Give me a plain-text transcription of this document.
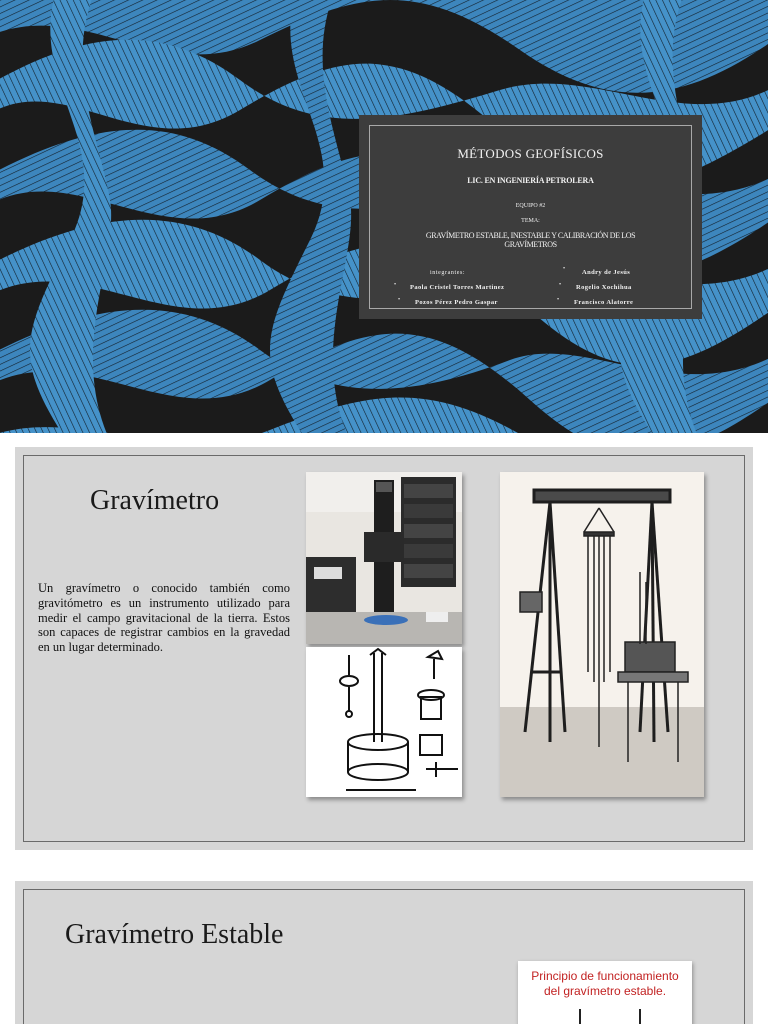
MÉTODOS GEOFÍSICOS
LIC. EN INGENIERÍA PETROLERA
EQUIPO #2
TEMA:
GRAVÍMETRO ESTABLE, INESTABLE Y CALIBRACIÓN DE LOS GRAVÍMETROS
integrantes:
•	Andry de Jesús
• Paola Cristel Torres Martinez	• Rogelio Xochihua
• Pozos Pérez Pedro Gaspar	• Francisco Alatorre
Gravímetro
Un gravímetro o conocido también como gravitómetro es un instrumento utilizado para medir el campo gravitacional de la tierra. Estos son capaces de registrar cambios en la gravedad en un lugar determinado.
Gravímetro Estable
Principio de funcionamiento
del gravímetro estable.
